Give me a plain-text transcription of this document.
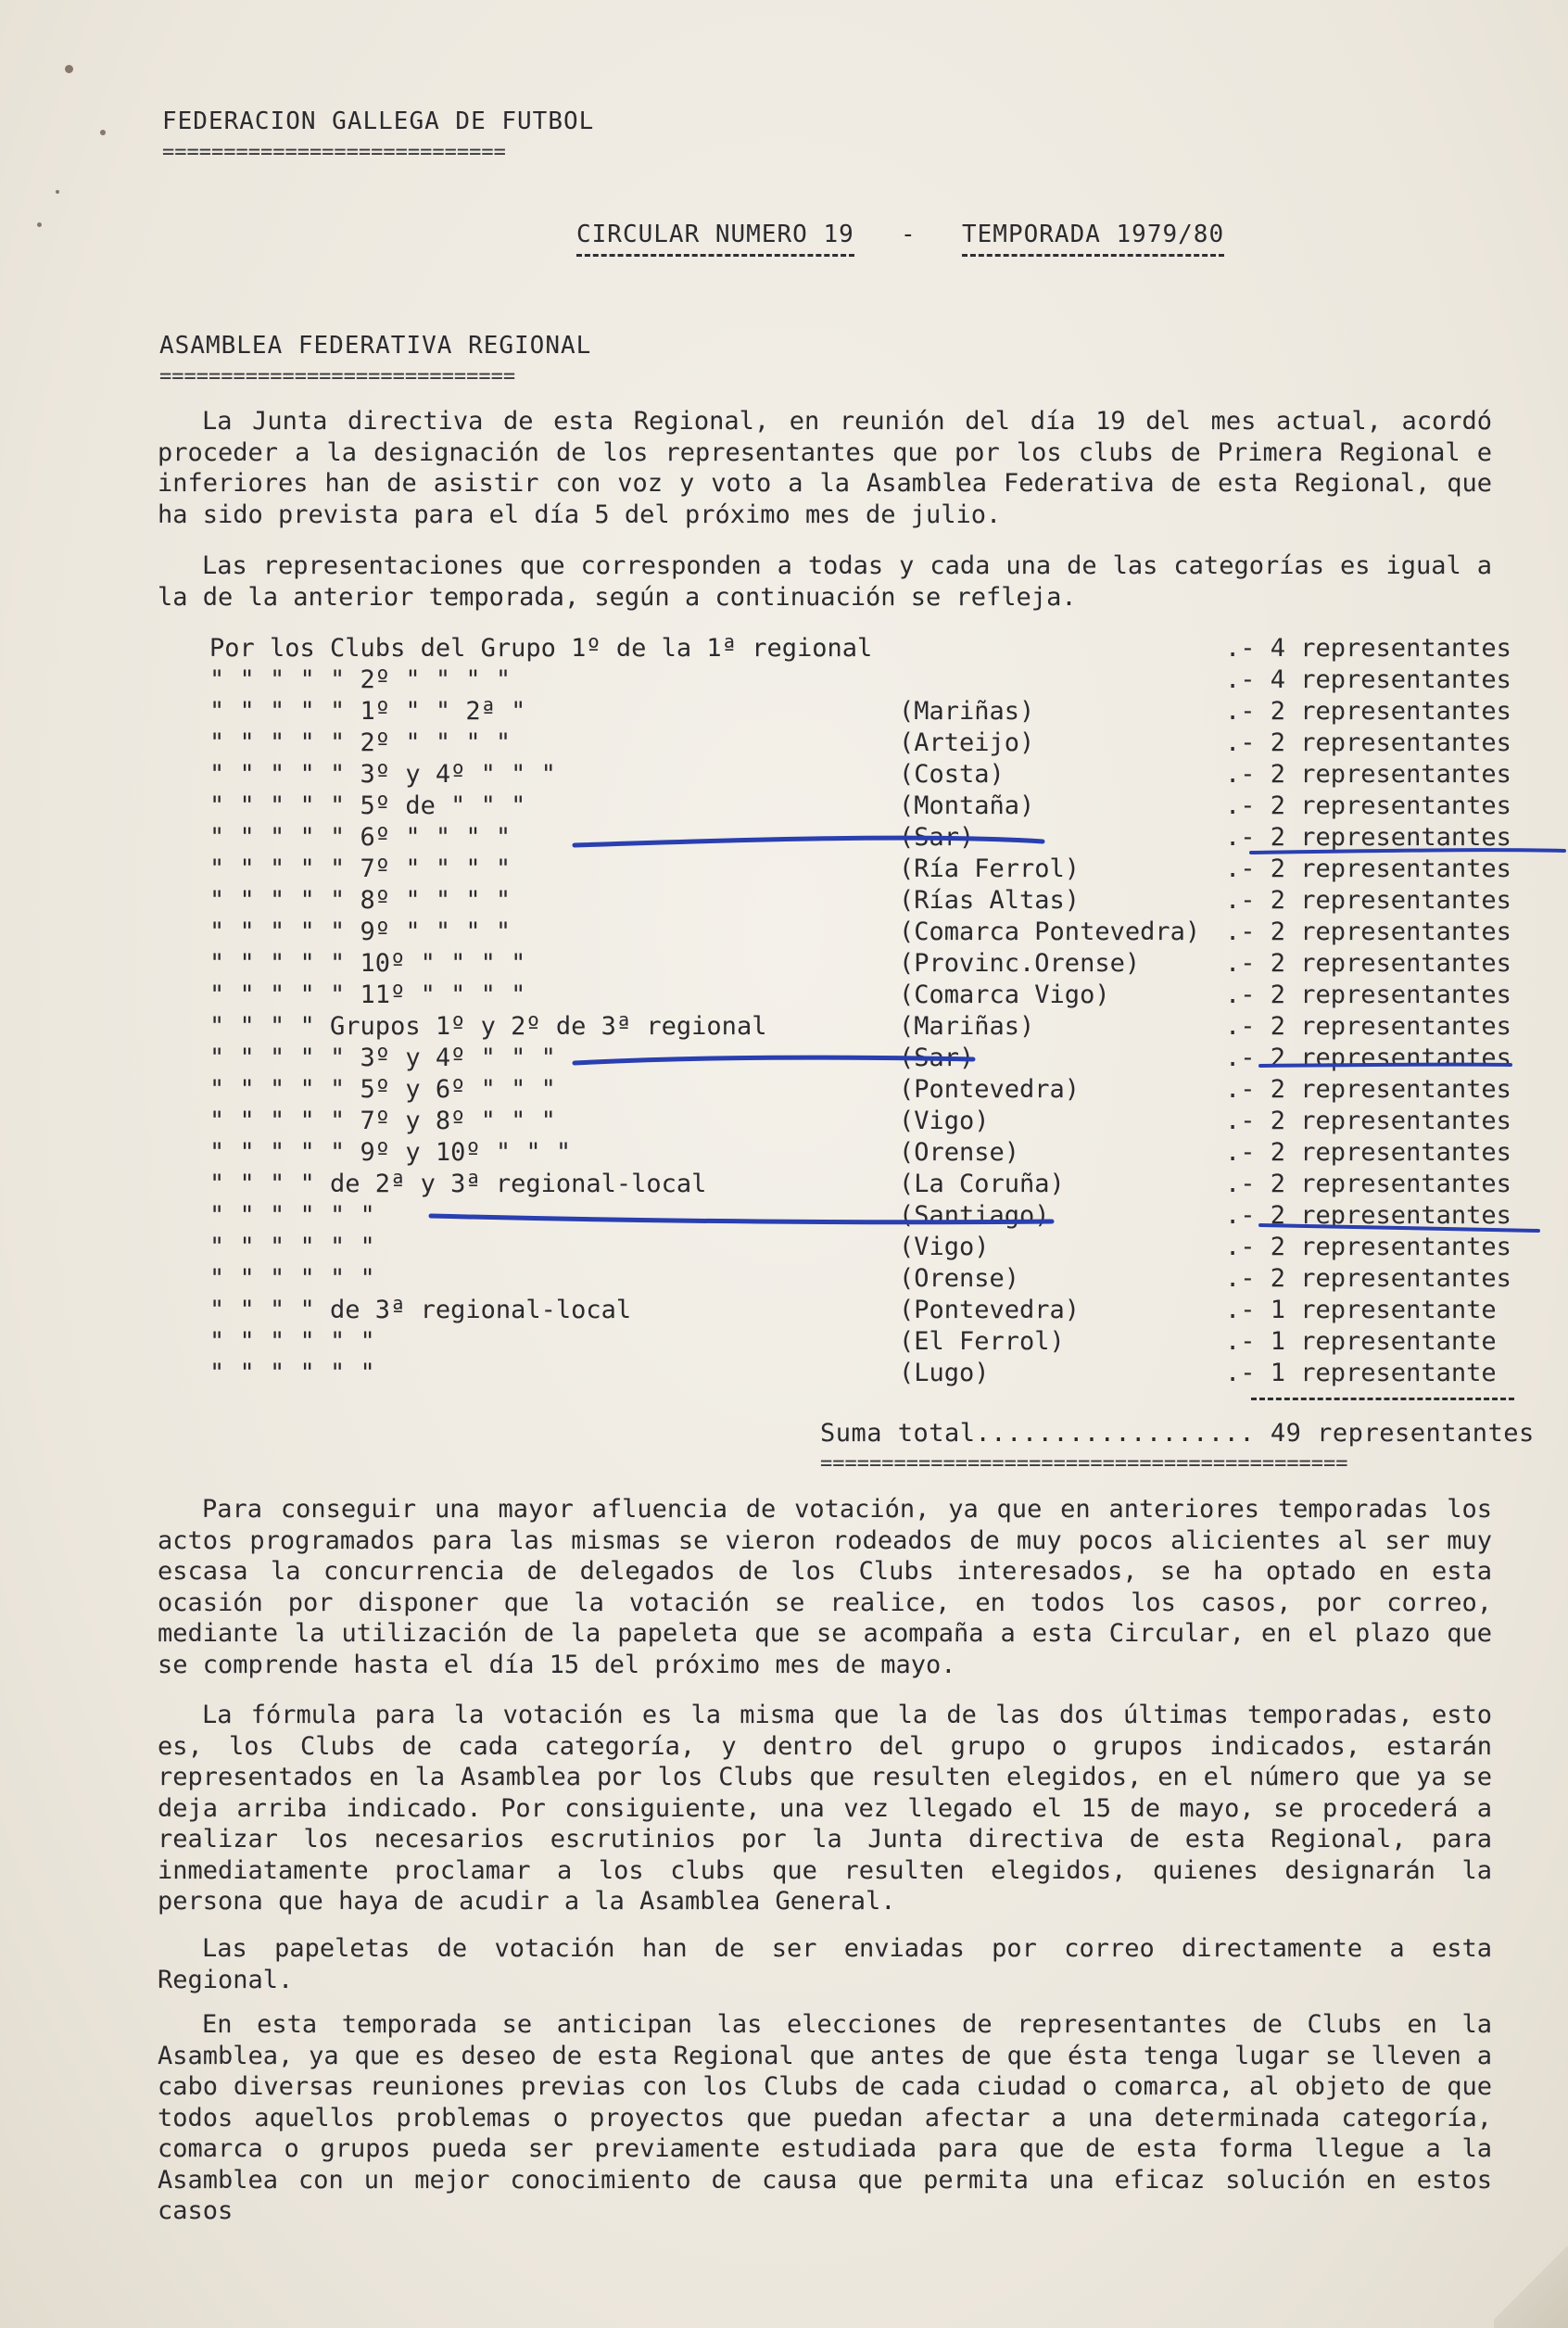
FEDERACION GALLEGA DE FUTBOL
============================
CIRCULAR NUMERO 19 - TEMPORADA 1979/80
ASAMBLEA FEDERATIVA REGIONAL
=============================

La Junta directiva de esta Regional, en reunión del día 19 del mes actual, acordó proceder a la designación de los representantes que por los clubs de Primera Regional e inferiores han de asistir con voz y voto a la Asamblea Federativa de esta Regional, que ha sido prevista para el día 5 del próximo mes de julio.

Las representaciones que corresponden a todas y cada una de las categorías es igual a la de la anterior temporada, según a continuación se refleja.

Por los Clubs del Grupo 1º de la 1ª regional	.- 4 representantes
" " " " " 2º " " " "	.- 4 representantes
" " " " " 1º " " 2ª "	(Mariñas)	.- 2 representantes
" " " " " 2º " " " "	(Arteijo)	.- 2 representantes
" " " " " 3º y 4º " " "	(Costa)	.- 2 representantes
" " " " " 5º de " " "	(Montaña)	.- 2 representantes
" " " " " 6º " " " "	(Sar)	.- 2 representantes
" " " " " 7º " " " "	(Ría Ferrol)	.- 2 representantes
" " " " " 8º " " " "	(Rías Altas)	.- 2 representantes
" " " " " 9º " " " "	(Comarca Pontevedra) .- 2 representantes
" " " " " 10º " " " "	(Provinc.Orense)	.- 2 representantes
" " " " " 11º " " " "	(Comarca Vigo)	.- 2 representantes
" " " " Grupos 1º y 2º de 3ª regional	(Mariñas)	.- 2 representantes
" " " " " 3º y 4º " " "	(Sar)	.- 2 representantes
" " " " " 5º y 6º " " "	(Pontevedra)	.- 2 representantes
" " " " " 7º y 8º " " "	(Vigo)	.- 2 representantes
" " " " " 9º y 10º " " "	(Orense)	.- 2 representantes
" " " " de 2ª y 3ª regional-local	(La Coruña)	.- 2 representantes
" " " " " "	(Santiago)	.- 2 representantes
" " " " " "	(Vigo)	.- 2 representantes
" " " " " "	(Orense)	.- 2 representantes
" " " " de 3ª regional-local	(Pontevedra)	.- 1 representante
" " " " " "	(El Ferrol)	.- 1 representante
" " " " " "	(Lugo)	.- 1 representante
Suma total.................. 49 representantes
===========================================

Para conseguir una mayor afluencia de votación, ya que en anteriores temporadas los actos programados para las mismas se vieron rodeados de muy pocos alicientes al ser muy escasa la concurrencia de delegados de los Clubs interesados, se ha optado en esta ocasión por disponer que la votación se realice, en todos los casos, por correo, mediante la utilización de la papeleta que se acompaña a esta Circular, en el plazo que se comprende hasta el día 15 del próximo mes de mayo.

La fórmula para la votación es la misma que la de las dos últimas temporadas, esto es, los Clubs de cada categoría, y dentro del grupo o grupos indicados, estarán representados en la Asamblea por los Clubs que resulten elegidos, en el número que ya se deja arriba indicado. Por consiguiente, una vez llegado el 15 de mayo, se procederá a realizar los necesarios escrutinios por la Junta directiva de esta Regional, para inmediatamente proclamar a los clubs que resulten elegidos, quienes designarán la persona que haya de acudir a la Asamblea General.

Las papeletas de votación han de ser enviadas por correo directamente a esta Regional.

En esta temporada se anticipan las elecciones de representantes de Clubs en la Asamblea, ya que es deseo de esta Regional que antes de que ésta tenga lugar se lleven a cabo diversas reuniones previas con los Clubs de cada ciudad o comarca, al objeto de que todos aquellos problemas o proyectos que puedan afectar a una determinada categoría, comarca o grupos pueda ser previamente estudiada para que de esta forma llegue a la Asamblea con un mejor conocimiento de causa que permita una eficaz solución en estos casos
